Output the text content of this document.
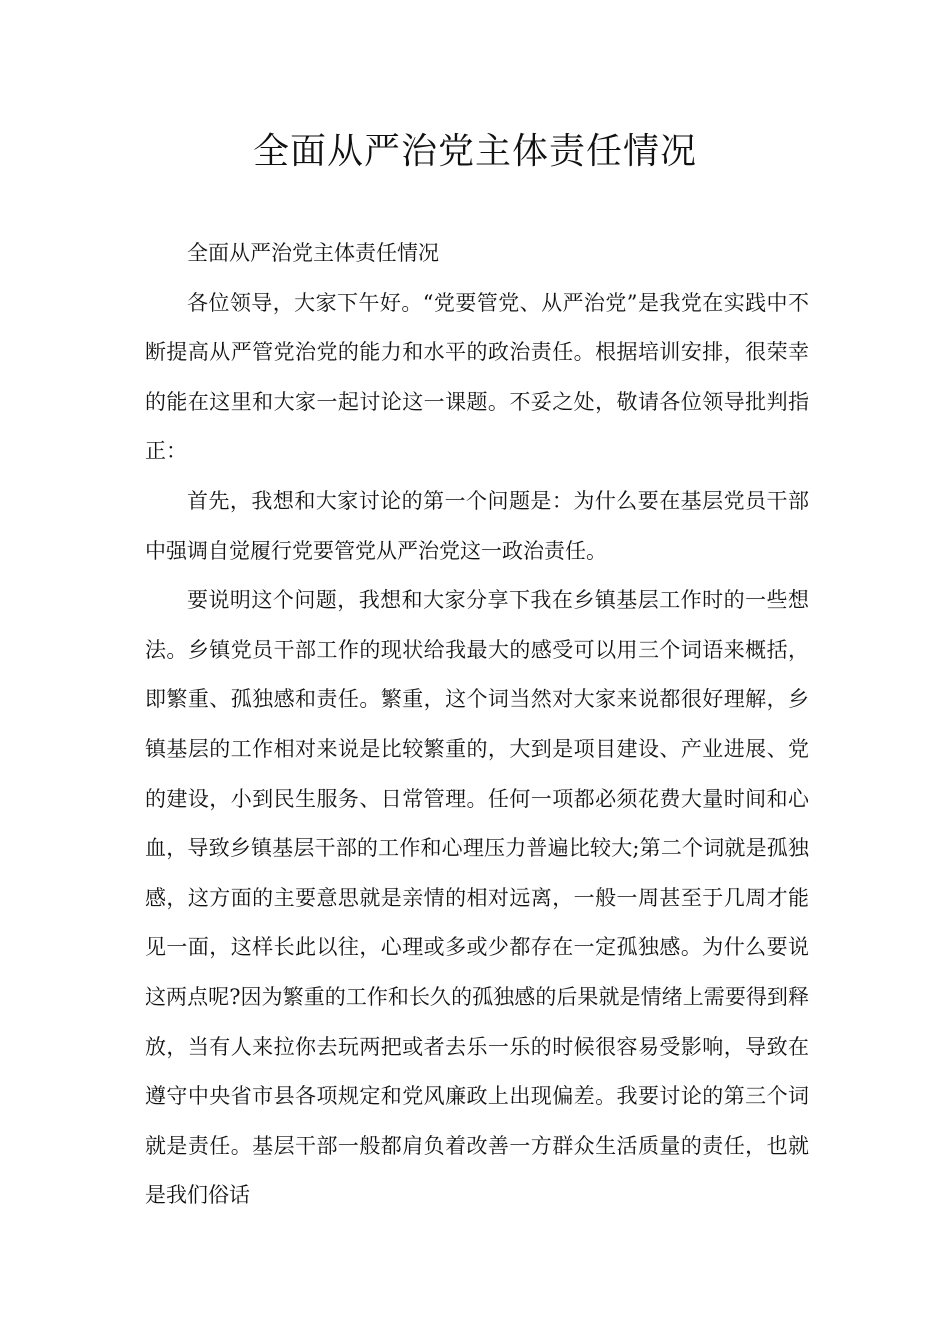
全面从严治党主体责任情况

全面从严治党主体责任情况

各位领导，大家下午好。“党要管党、从严治党”是我党在实践中不断提高从严管党治党的能力和水平的政治责任。根据培训安排，很荣幸的能在这里和大家一起讨论这一课题。不妥之处，敬请各位领导批判指正：

首先，我想和大家讨论的第一个问题是：为什么要在基层党员干部中强调自觉履行党要管党从严治党这一政治责任。

要说明这个问题，我想和大家分享下我在乡镇基层工作时的一些想法。乡镇党员干部工作的现状给我最大的感受可以用三个词语来概括，即繁重、孤独感和责任。繁重，这个词当然对大家来说都很好理解，乡镇基层的工作相对来说是比较繁重的，大到是项目建设、产业进展、党的建设，小到民生服务、日常管理。任何一项都必须花费大量时间和心血，导致乡镇基层干部的工作和心理压力普遍比较大;第二个词就是孤独感，这方面的主要意思就是亲情的相对远离，一般一周甚至于几周才能见一面，这样长此以往，心理或多或少都存在一定孤独感。为什么要说这两点呢?因为繁重的工作和长久的孤独感的后果就是情绪上需要得到释放，当有人来拉你去玩两把或者去乐一乐的时候很容易受影响，导致在遵守中央省市县各项规定和党风廉政上出现偏差。我要讨论的第三个词就是责任。基层干部一般都肩负着改善一方群众生活质量的责任，也就是我们俗话
